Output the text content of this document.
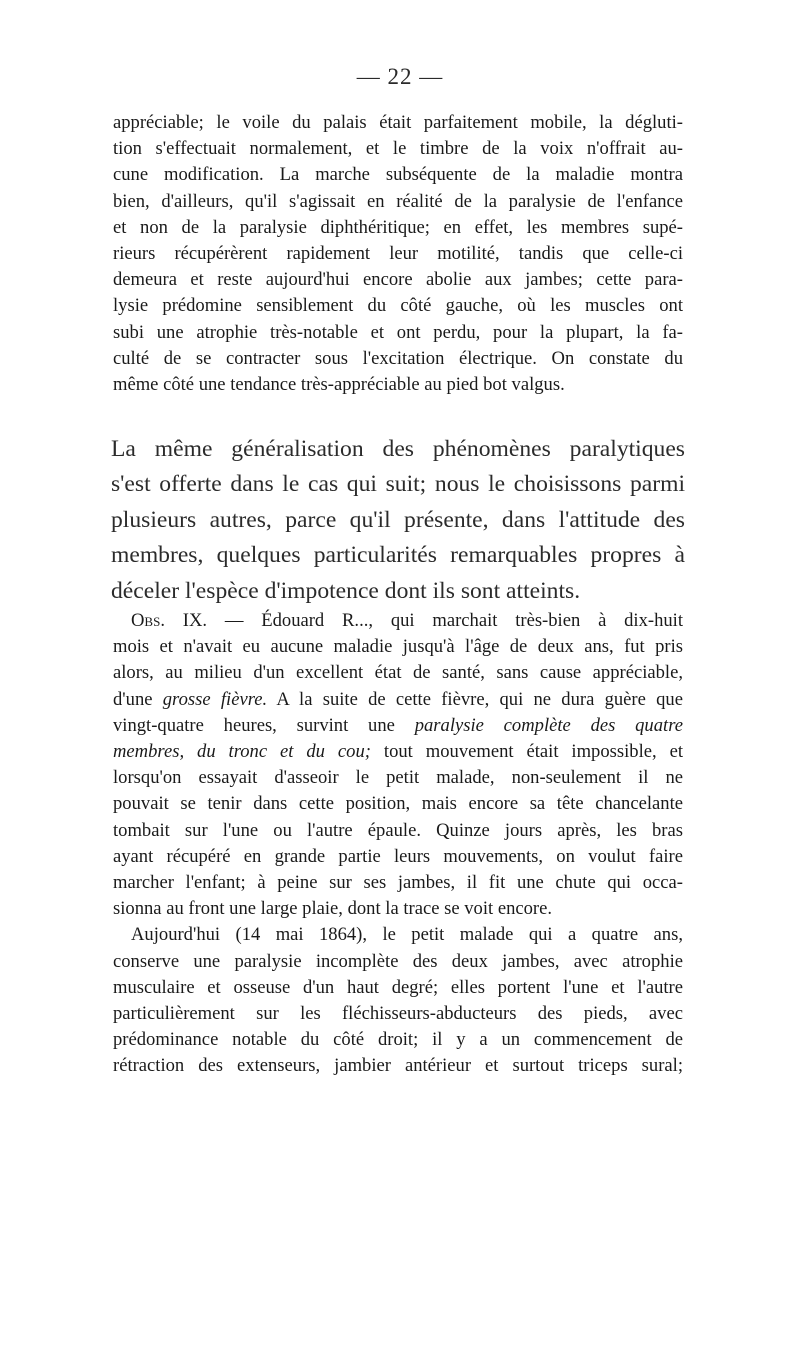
— 22 —
appréciable; le voile du palais était parfaitement mobile, la dégluti-
tion s'effectuait normalement, et le timbre de la voix n'offrait au-
cune modification. La marche subséquente de la maladie montra
bien, d'ailleurs, qu'il s'agissait en réalité de la paralysie de l'enfance
et non de la paralysie diphthéritique; en effet, les membres supé-
rieurs récupérèrent rapidement leur motilité, tandis que celle-ci
demeura et reste aujourd'hui encore abolie aux jambes; cette para-
lysie prédomine sensiblement du côté gauche, où les muscles ont
subi une atrophie très-notable et ont perdu, pour la plupart, la fa-
culté de se contracter sous l'excitation électrique. On constate du
même côté une tendance très-appréciable au pied bot valgus.
La même généralisation des phénomènes paralytiques
s'est offerte dans le cas qui suit; nous le choisissons parmi
plusieurs autres, parce qu'il présente, dans l'attitude des
membres, quelques particularités remarquables propres à
déceler l'espèce d'impotence dont ils sont atteints.
Obs. IX. — Édouard R..., qui marchait très-bien à dix-huit
mois et n'avait eu aucune maladie jusqu'à l'âge de deux ans, fut pris
alors, au milieu d'un excellent état de santé, sans cause appréciable,
d'une grosse fièvre. A la suite de cette fièvre, qui ne dura guère que
vingt-quatre heures, survint une paralysie complète des quatre
membres, du tronc et du cou; tout mouvement était impossible, et
lorsqu'on essayait d'asseoir le petit malade, non-seulement il ne
pouvait se tenir dans cette position, mais encore sa tête chancelante
tombait sur l'une ou l'autre épaule. Quinze jours après, les bras
ayant récupéré en grande partie leurs mouvements, on voulut faire
marcher l'enfant; à peine sur ses jambes, il fit une chute qui occa-
sionna au front une large plaie, dont la trace se voit encore.
Aujourd'hui (14 mai 1864), le petit malade qui a quatre ans,
conserve une paralysie incomplète des deux jambes, avec atrophie
musculaire et osseuse d'un haut degré; elles portent l'une et l'autre
particulièrement sur les fléchisseurs-abducteurs des pieds, avec
prédominance notable du côté droit; il y a un commencement de
rétraction des extenseurs, jambier antérieur et surtout triceps sural;
